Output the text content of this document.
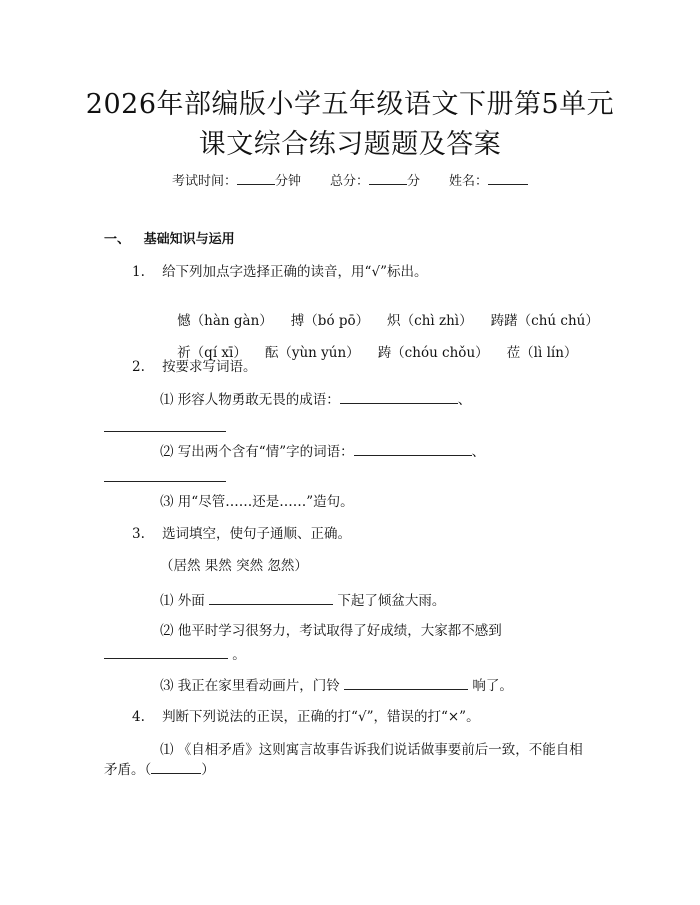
2026年部编版小学五年级语文下册第5单元
课文综合练习题题及答案
考试时间：	分钟 总分：	分 姓名：
一、 基础知识与运用
1. 给下列加点字选择正确的读音，用“√”标出。

憾（hàn gàn） 搏（bó pō） 炽（chì zhì） 踌躇（chú chú）

祈（qí xī） 酝（yùn yún） 踌（chóu chǒu） 莅（lì lín）

2. 按要求写词语。
⑴ 形容人物勇敢无畏的成语：	、
⑵ 写出两个含有“情”字的词语：	、
⑶ 用“尽管……还是……”造句。
3. 选词填空，使句子通顺、正确。
（居然 果然 突然 忽然）
⑴ 外面	下起了倾盆大雨。
⑵ 他平时学习很努力，考试取得了好成绩，大家都不感到
。
⑶ 我正在家里看动画片，门铃	响了。
4. 判断下列说法的正误，正确的打“√”，错误的打“×”。
⑴ 《自相矛盾》这则寓言故事告诉我们说话做事要前后一致，不能自相
矛盾。（	）
